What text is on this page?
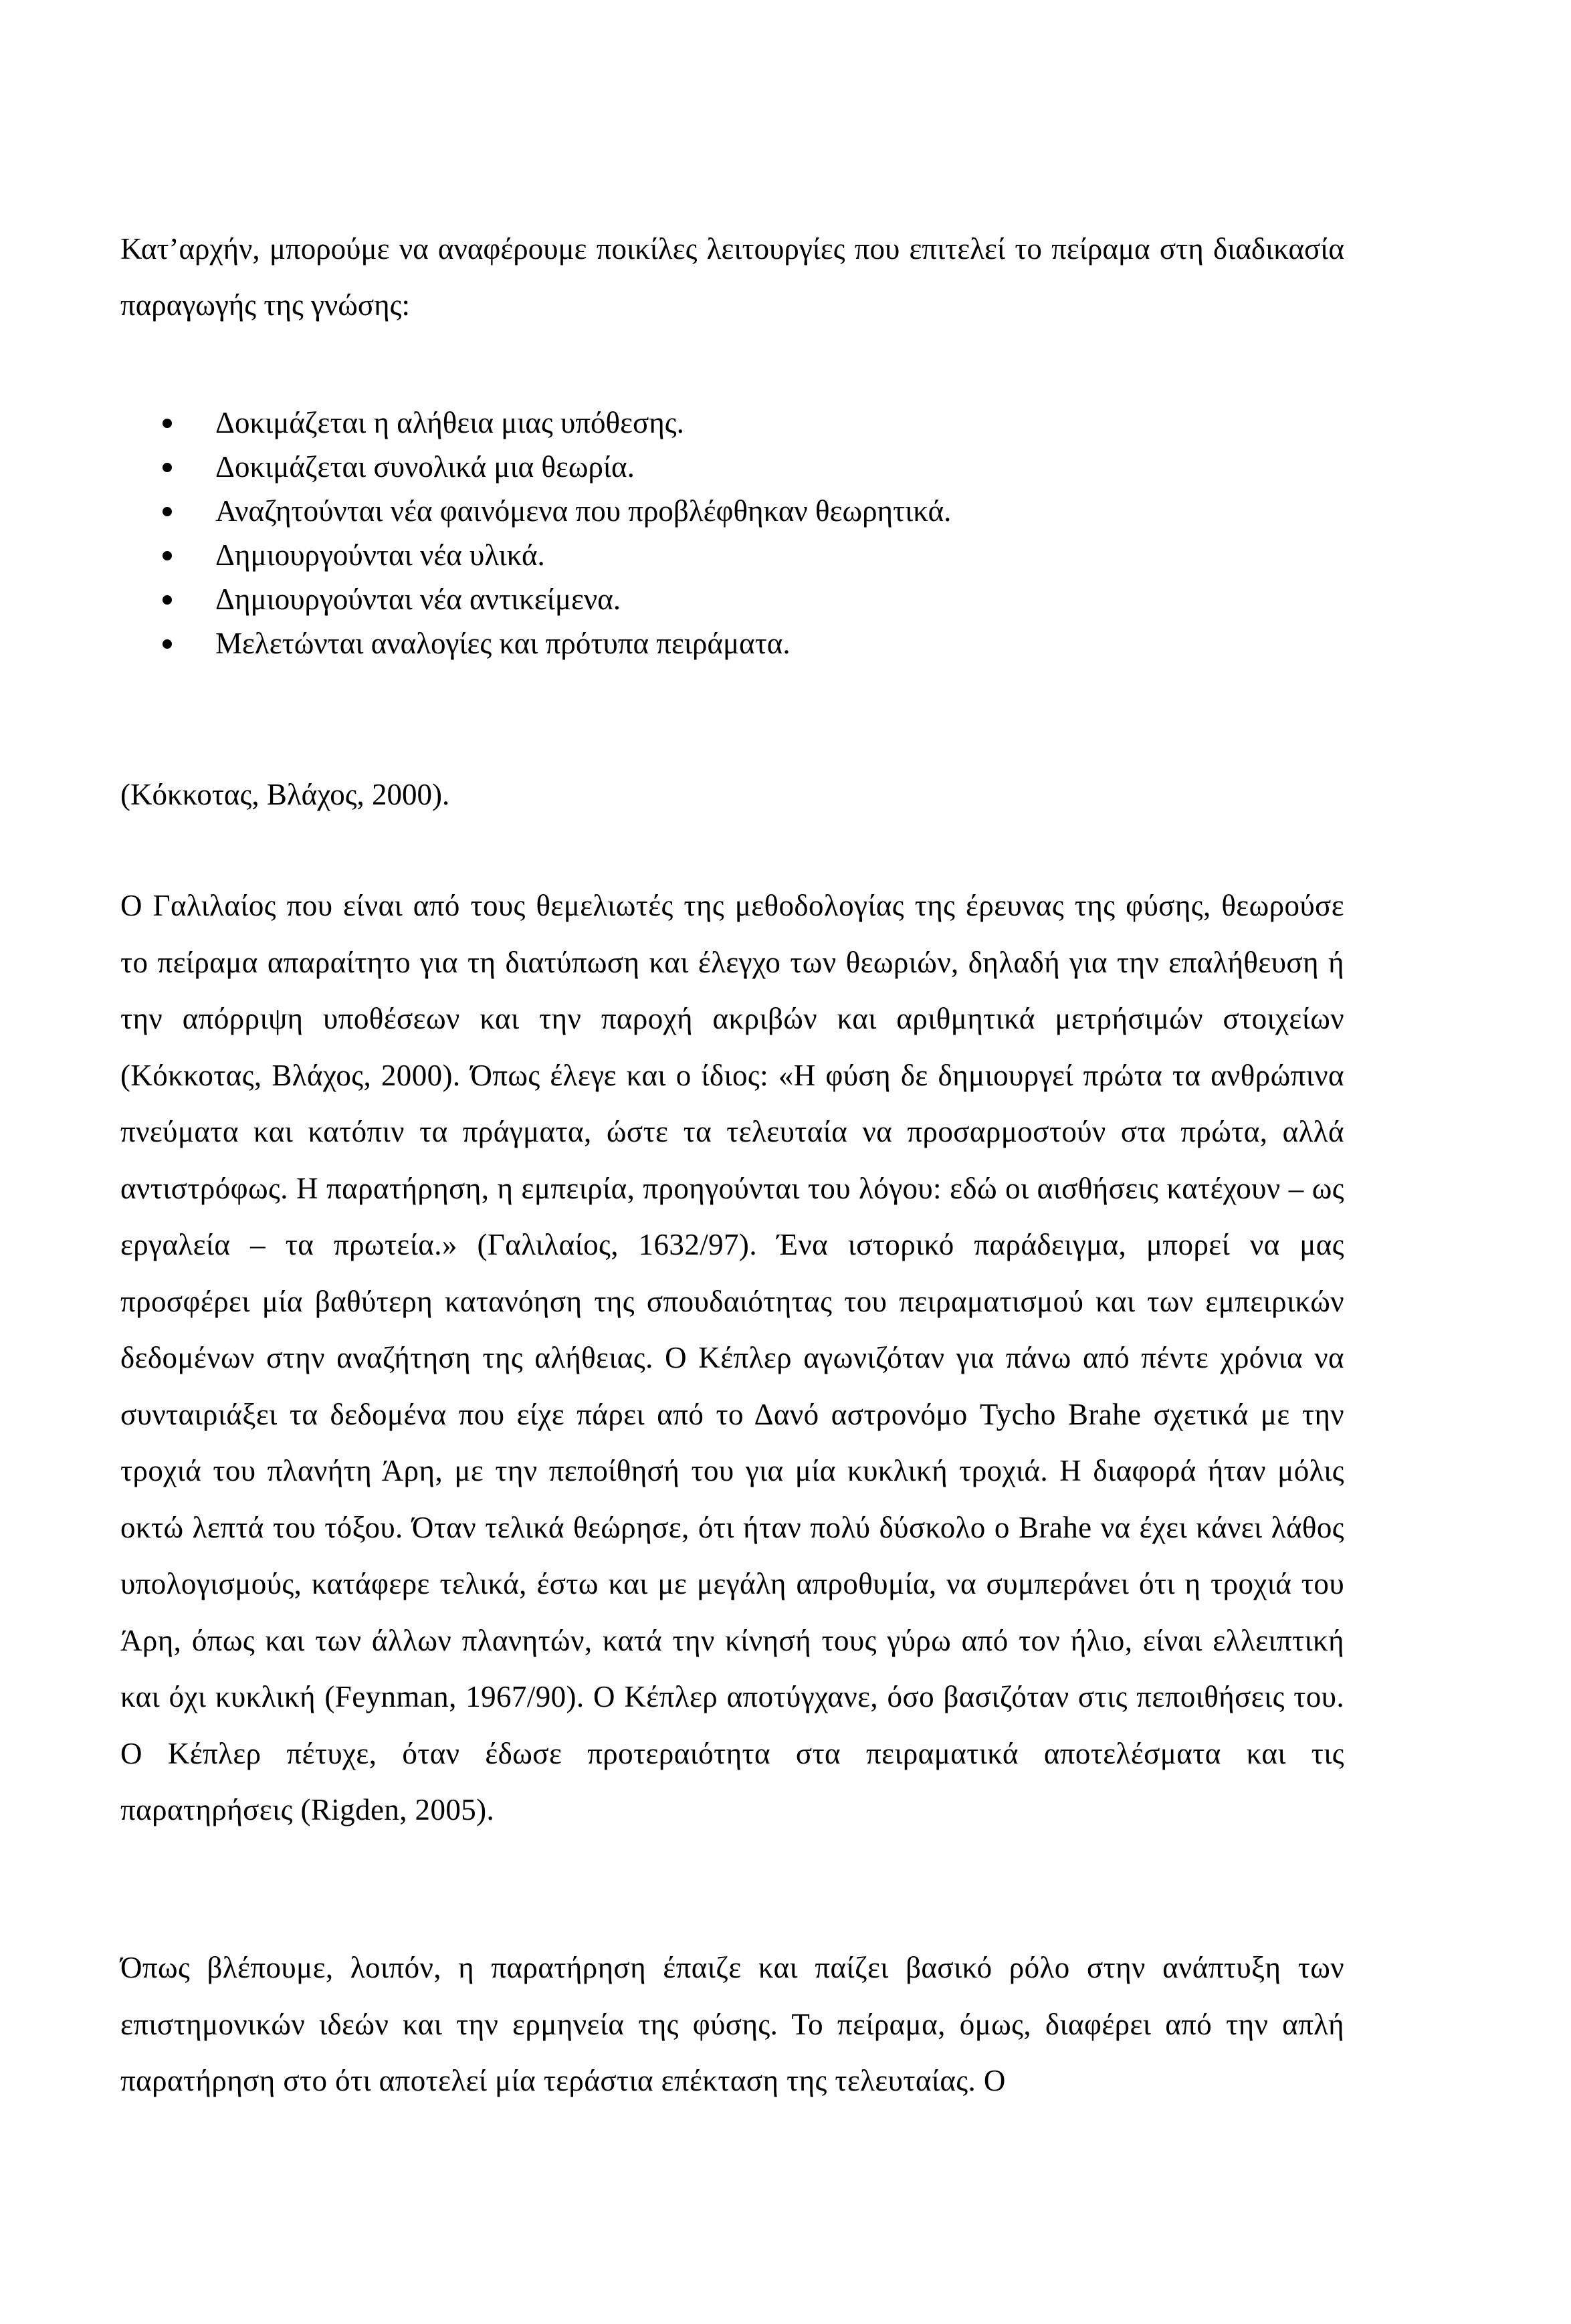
Κατ’αρχήν, μπορούμε να αναφέρουμε ποικίλες λειτουργίες που επιτελεί το πείραμα στη διαδικασία παραγωγής της γνώσης:

Δοκιμάζεται η αλήθεια μιας υπόθεσης.
Δοκιμάζεται συνολικά μια θεωρία.
Αναζητούνται νέα φαινόμενα που προβλέφθηκαν θεωρητικά.
Δημιουργούνται νέα υλικά.
Δημιουργούνται νέα αντικείμενα.
Μελετώνται αναλογίες και πρότυπα πειράματα.

(Κόκκοτας, Βλάχος, 2000).

Ο Γαλιλαίος που είναι από τους θεμελιωτές της μεθοδολογίας της έρευνας της φύσης, θεωρούσε το πείραμα απαραίτητο για τη διατύπωση και έλεγχο των θεωριών, δηλαδή για την επαλήθευση ή την απόρριψη υποθέσεων και την παροχή ακριβών και αριθμητικά μετρήσιμών στοιχείων (Κόκκοτας, Βλάχος, 2000). Όπως έλεγε και ο ίδιος: «Η φύση δε δημιουργεί πρώτα τα ανθρώπινα πνεύματα και κατόπιν τα πράγματα, ώστε τα τελευταία να προσαρμοστούν στα πρώτα, αλλά αντιστρόφως. Η παρατήρηση, η εμπειρία, προηγούνται του λόγου: εδώ οι αισθήσεις κατέχουν – ως εργαλεία – τα πρωτεία.» (Γαλιλαίος, 1632/97). Ένα ιστορικό παράδειγμα, μπορεί να μας προσφέρει μία βαθύτερη κατανόηση της σπουδαιότητας του πειραματισμού και των εμπειρικών δεδομένων στην αναζήτηση της αλήθειας. Ο Κέπλερ αγωνιζόταν για πάνω από πέντε χρόνια να συνταιριάξει τα δεδομένα που είχε πάρει από το Δανό αστρονόμο Tycho Brahe σχετικά με την τροχιά του πλανήτη Άρη, με την πεποίθησή του για μία κυκλική τροχιά. Η διαφορά ήταν μόλις οκτώ λεπτά του τόξου. Όταν τελικά θεώρησε, ότι ήταν πολύ δύσκολο ο Brahe να έχει κάνει λάθος υπολογισμούς, κατάφερε τελικά, έστω και με μεγάλη απροθυμία, να συμπεράνει ότι η τροχιά του Άρη, όπως και των άλλων πλανητών, κατά την κίνησή τους γύρω από τον ήλιο, είναι ελλειπτική και όχι κυκλική (Feynman, 1967/90). Ο Κέπλερ αποτύγχανε, όσο βασιζόταν στις πεποιθήσεις του. Ο Κέπλερ πέτυχε, όταν έδωσε προτεραιότητα στα πειραματικά αποτελέσματα και τις παρατηρήσεις (Rigden, 2005).

Όπως βλέπουμε, λοιπόν, η παρατήρηση έπαιζε και παίζει βασικό ρόλο στην ανάπτυξη των επιστημονικών ιδεών και την ερμηνεία της φύσης. Το πείραμα, όμως, διαφέρει από την απλή παρατήρηση στο ότι αποτελεί μία τεράστια επέκταση της τελευταίας. Ο
